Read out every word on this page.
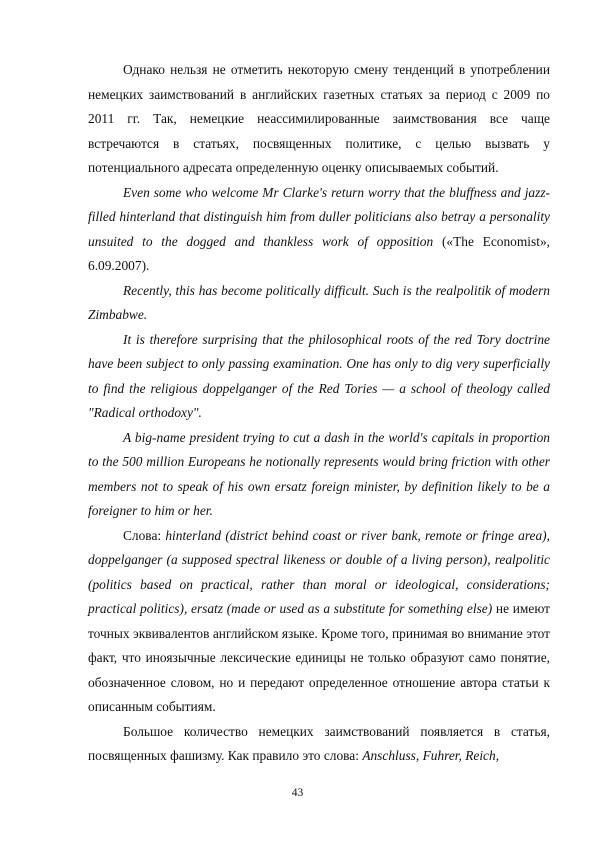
Однако нельзя не отметить некоторую смену тенденций в употреблении немецких заимствований в английских газетных статьях за период с 2009 по 2011 гг. Так, немецкие неассимилированные заимствования все чаще встречаются в статьях, посвященных политике, с целью вызвать у потенциального адресата определенную оценку описываемых событий.

Even some who welcome Mr Clarke's return worry that the bluffness and jazz-filled hinterland that distinguish him from duller politicians also betray a personality unsuited to the dogged and thankless work of opposition («The Economist», 6.09.2007).

Recently, this has become politically difficult. Such is the realpolitik of modern Zimbabwe.

It is therefore surprising that the philosophical roots of the red Tory doctrine have been subject to only passing examination. One has only to dig very superficially to find the religious doppelganger of the Red Tories — a school of theology called "Radical orthodoxy".

A big-name president trying to cut a dash in the world's capitals in proportion to the 500 million Europeans he notionally represents would bring friction with other members not to speak of his own ersatz foreign minister, by definition likely to be a foreigner to him or her.

Слова: hinterland (district behind coast or river bank, remote or fringe area), doppelganger (a supposed spectral likeness or double of a living person), realpolitic (politics based on practical, rather than moral or ideological, considerations; practical politics), ersatz (made or used as a substitute for something else) не имеют точных эквивалентов английском языке. Кроме того, принимая во внимание этот факт, что иноязычные лексические единицы не только образуют само понятие, обозначенное словом, но и передают определенное отношение автора статьи к описанным событиям.

Большое количество немецких заимствований появляется в статья, посвященных фашизму. Как правило это слова: Anschluss, Fuhrer, Reich,

43
